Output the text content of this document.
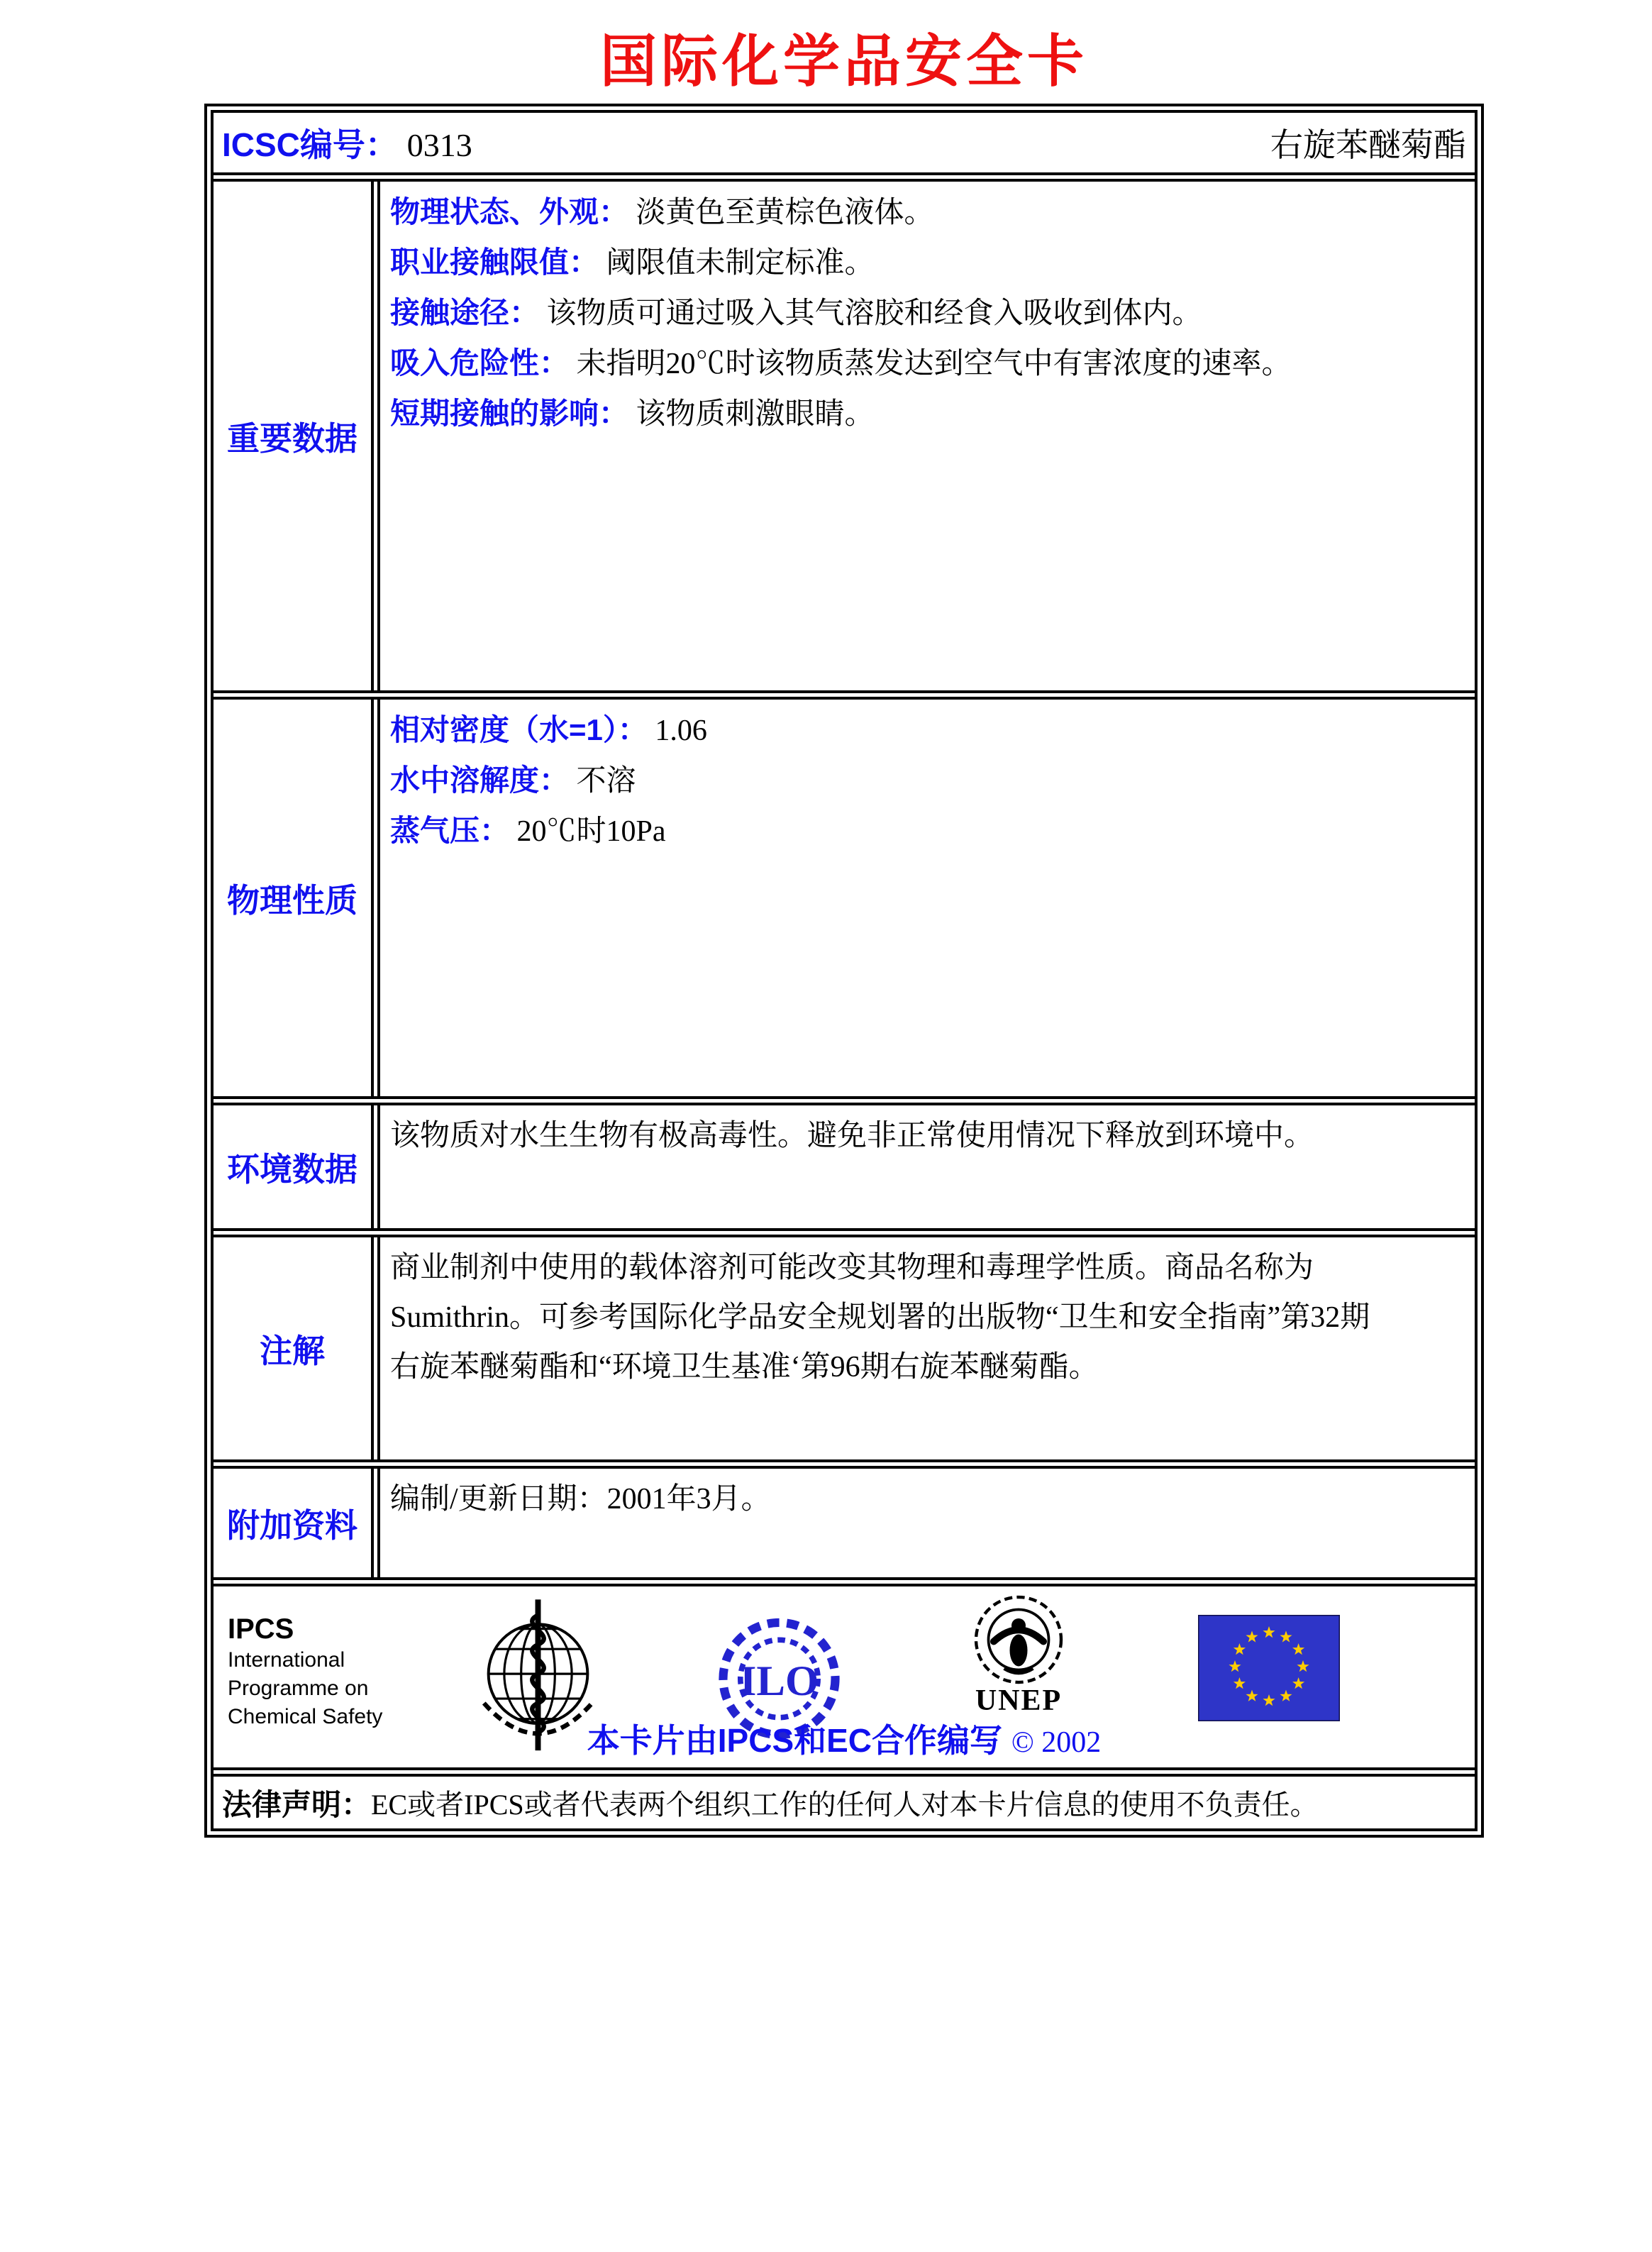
国际化学品安全卡
ICSC编号： 0313	右旋苯醚菊酯
重要数据
物理状态、外观： 淡黄色至黄棕色液体。
职业接触限值： 阈限值未制定标准。
接触途径： 该物质可通过吸入其气溶胶和经食入吸收到体内。
吸入危险性： 未指明20℃时该物质蒸发达到空气中有害浓度的速率。
短期接触的影响： 该物质刺激眼睛。
物理性质
相对密度（水=1）： 1.06
水中溶解度： 不溶
蒸气压： 20℃时10Pa
环境数据
该物质对水生生物有极高毒性。避免非正常使用情况下释放到环境中。
注解
商业制剂中使用的载体溶剂可能改变其物理和毒理学性质。商品名称为Sumithrin。可参考国际化学品安全规划署的出版物“卫生和安全指南”第32期右旋苯醚菊酯和“环境卫生基准‘第96期右旋苯醚菊酯。
附加资料
编制/更新日期：2001年3月。
IPCS
International
Programme on
Chemical Safety
ILO	UNEP
本卡片由IPCS和EC合作编写 © 2002
法律声明： EC或者IPCS或者代表两个组织工作的任何人对本卡片信息的使用不负责任。
